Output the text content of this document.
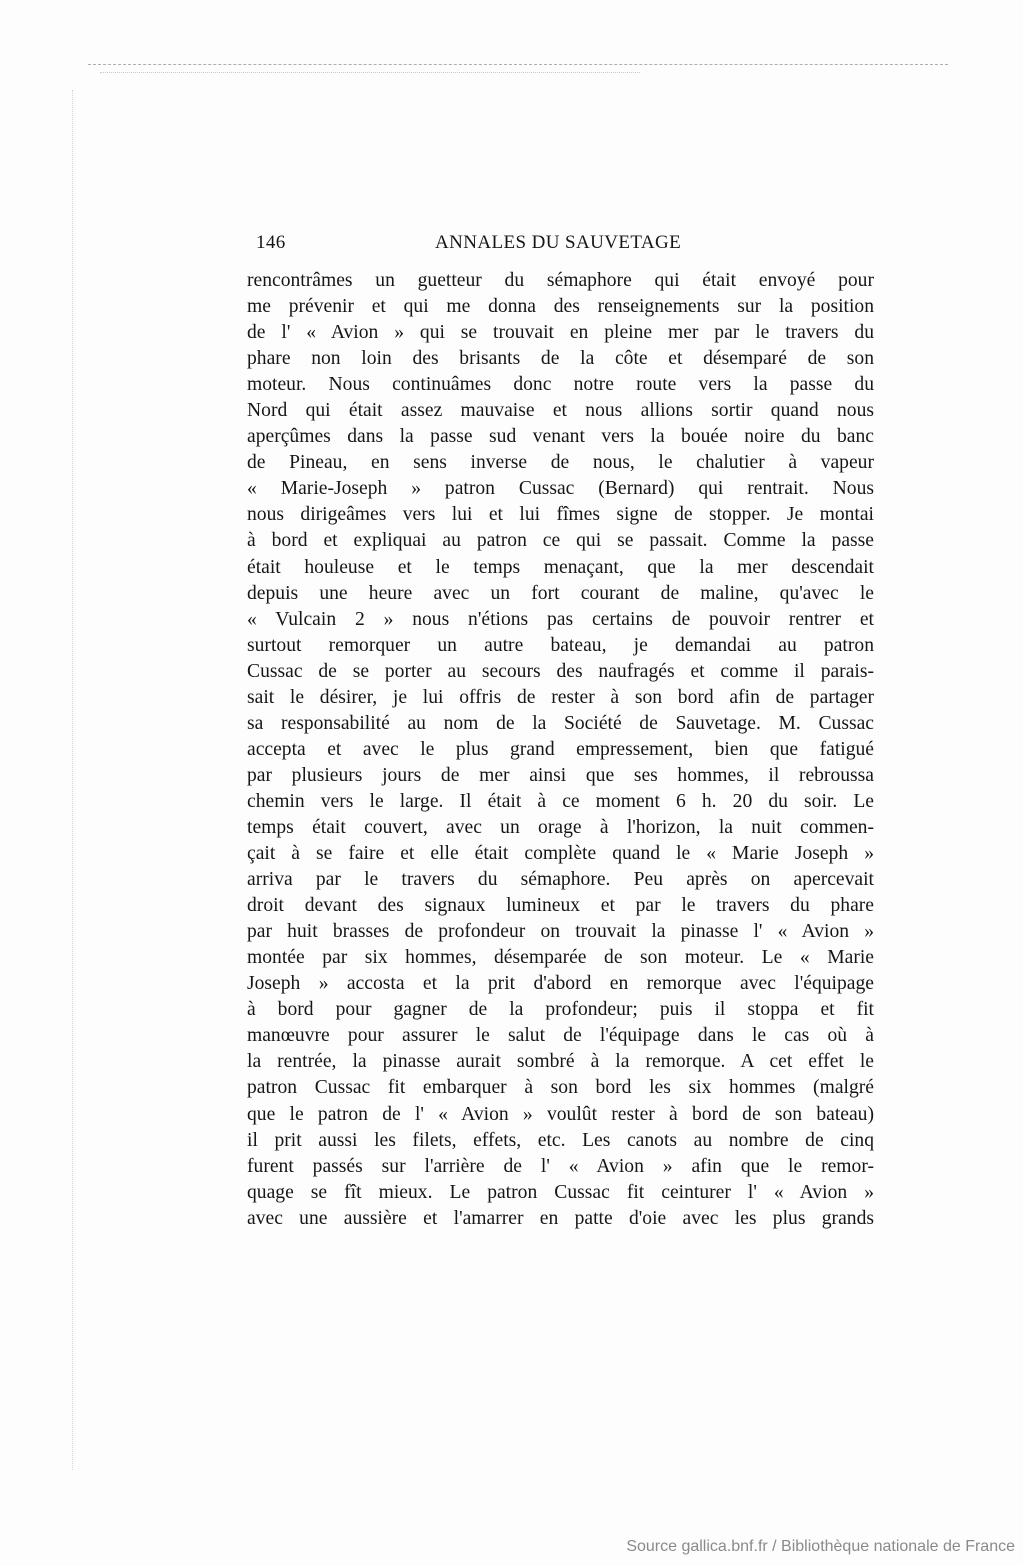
146	ANNALES DU SAUVETAGE
rencontrâmes un guetteur du sémaphore qui était envoyé pour
me prévenir et qui me donna des renseignements sur la position
de l' « Avion » qui se trouvait en pleine mer par le travers du
phare non loin des brisants de la côte et désemparé de son
moteur. Nous continuâmes donc notre route vers la passe du
Nord qui était assez mauvaise et nous allions sortir quand nous
aperçûmes dans la passe sud venant vers la bouée noire du banc
de Pineau, en sens inverse de nous, le chalutier à vapeur
« Marie-Joseph » patron Cussac (Bernard) qui rentrait. Nous
nous dirigeâmes vers lui et lui fîmes signe de stopper. Je montai
à bord et expliquai au patron ce qui se passait. Comme la passe
était houleuse et le temps menaçant, que la mer descendait
depuis une heure avec un fort courant de maline, qu'avec le
« Vulcain 2 » nous n'étions pas certains de pouvoir rentrer et
surtout remorquer un autre bateau, je demandai au patron
Cussac de se porter au secours des naufragés et comme il parais-
sait le désirer, je lui offris de rester à son bord afin de partager
sa responsabilité au nom de la Société de Sauvetage. M. Cussac
accepta et avec le plus grand empressement, bien que fatigué
par plusieurs jours de mer ainsi que ses hommes, il rebroussa
chemin vers le large. Il était à ce moment 6 h. 20 du soir. Le
temps était couvert, avec un orage à l'horizon, la nuit commen-
çait à se faire et elle était complète quand le « Marie Joseph »
arriva par le travers du sémaphore. Peu après on apercevait
droit devant des signaux lumineux et par le travers du phare
par huit brasses de profondeur on trouvait la pinasse l' « Avion »
montée par six hommes, désemparée de son moteur. Le « Marie
Joseph » accosta et la prit d'abord en remorque avec l'équipage
à bord pour gagner de la profondeur; puis il stoppa et fit
manœuvre pour assurer le salut de l'équipage dans le cas où à
la rentrée, la pinasse aurait sombré à la remorque. A cet effet le
patron Cussac fit embarquer à son bord les six hommes (malgré
que le patron de l' « Avion » voulût rester à bord de son bateau)
il prit aussi les filets, effets, etc. Les canots au nombre de cinq
furent passés sur l'arrière de l' « Avion » afin que le remor-
quage se fît mieux. Le patron Cussac fit ceinturer l' « Avion »
avec une aussière et l'amarrer en patte d'oie avec les plus grands
Source gallica.bnf.fr / Bibliothèque nationale de France
